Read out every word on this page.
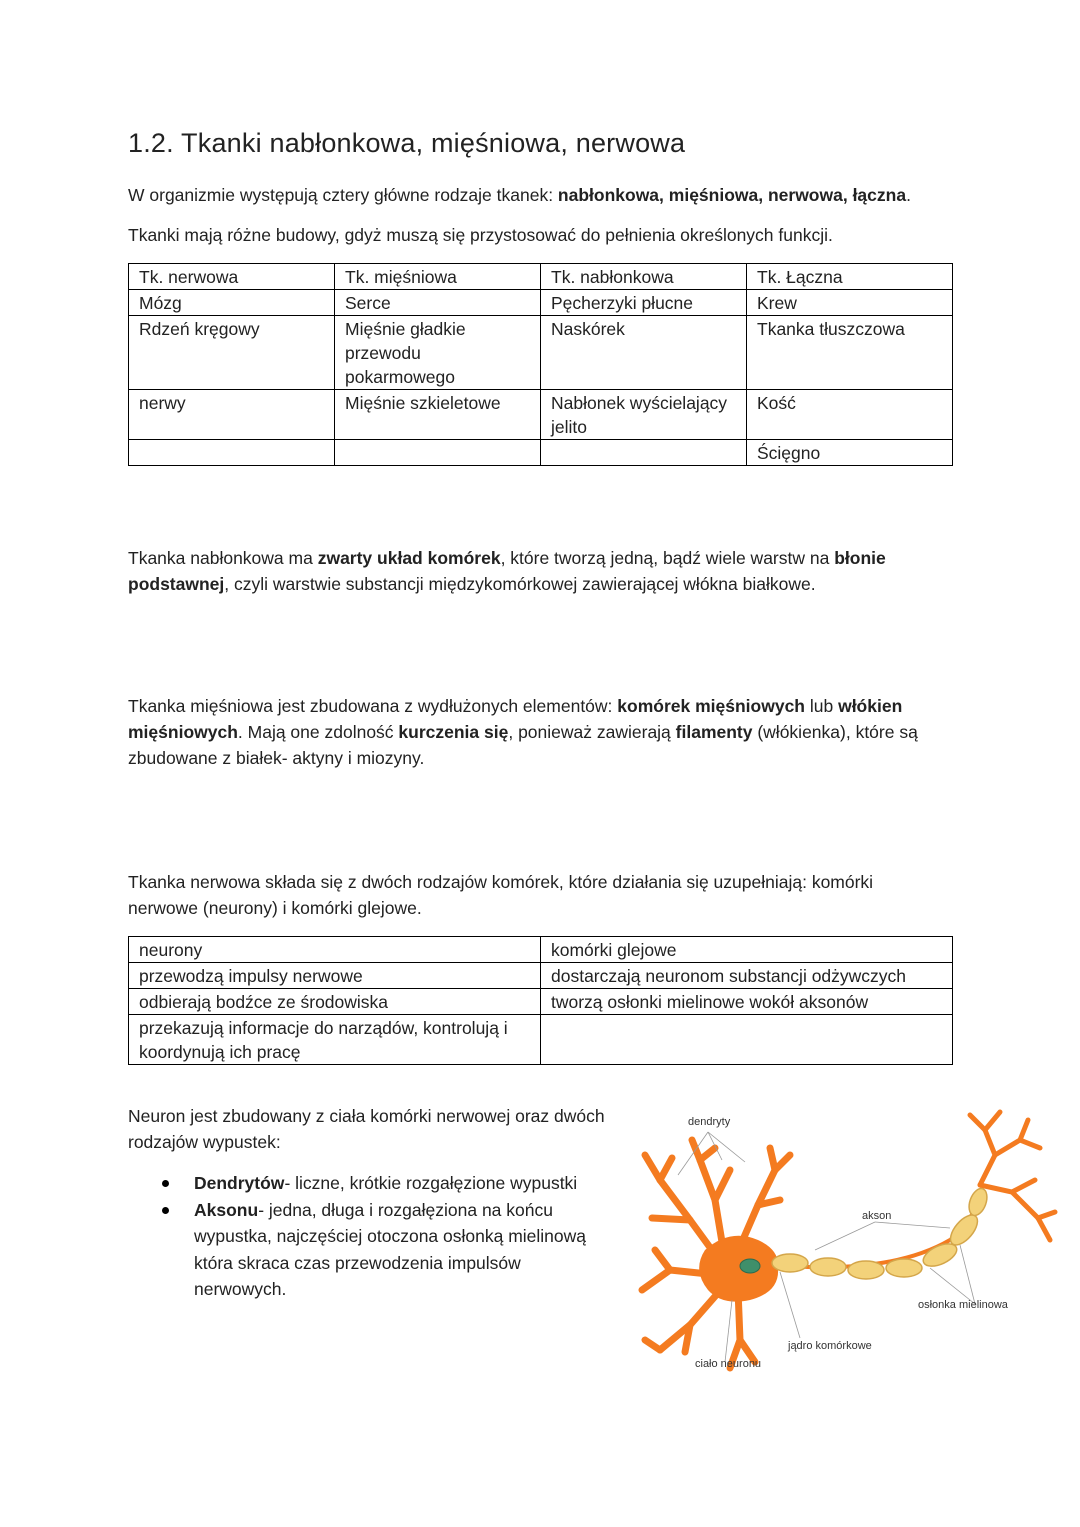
1.2. Tkanki nabłonkowa, mięśniowa, nerwowa

W organizmie występują cztery główne rodzaje tkanek: nabłonkowa, mięśniowa, nerwowa, łączna.

Tkanki mają różne budowy, gdyż muszą się przystosować do pełnienia określonych funkcji.

Tk. nerwowa	Tk. mięśniowa	Tk. nabłonkowa	Tk. Łączna
Mózg	Serce	Pęcherzyki płucne	Krew
Rdzeń kręgowy	Mięśnie gładkie przewodu pokarmowego	Naskórek	Tkanka tłuszczowa
nerwy	Mięśnie szkieletowe	Nabłonek wyścielający jelito	Kość
			Ścięgno

Tkanka nabłonkowa ma zwarty układ komórek, które tworzą jedną, bądź wiele warstw na błonie podstawnej, czyli warstwie substancji międzykomórkowej zawierającej włókna białkowe.

Tkanka mięśniowa jest zbudowana z wydłużonych elementów: komórek mięśniowych lub włókien mięśniowych. Mają one zdolność kurczenia się, ponieważ zawierają filamenty (włókienka), które są zbudowane z białek- aktyny i miozyny.

Tkanka nerwowa składa się z dwóch rodzajów komórek, które działania się uzupełniają: komórki nerwowe (neurony) i komórki glejowe.

neurony	komórki glejowe
przewodzą impulsy nerwowe	dostarczają neuronom substancji odżywczych
odbierają bodźce ze środowiska	tworzą osłonki mielinowe wokół aksonów
przekazują informacje do narządów, kontrolują i koordynują ich pracę	

Neuron jest zbudowany z ciała komórki nerwowej oraz dwóch rodzajów wypustek:

Dendrytów- liczne, krótkie rozgałęzione wypustki
Aksonu- jedna, długa i rozgałęziona na końcu wypustka, najczęściej otoczona osłonką mielinową która skraca czas przewodzenia impulsów nerwowych.
dendryty
akson
osłonka mielinowa
jądro komórkowe
ciało neuronu
